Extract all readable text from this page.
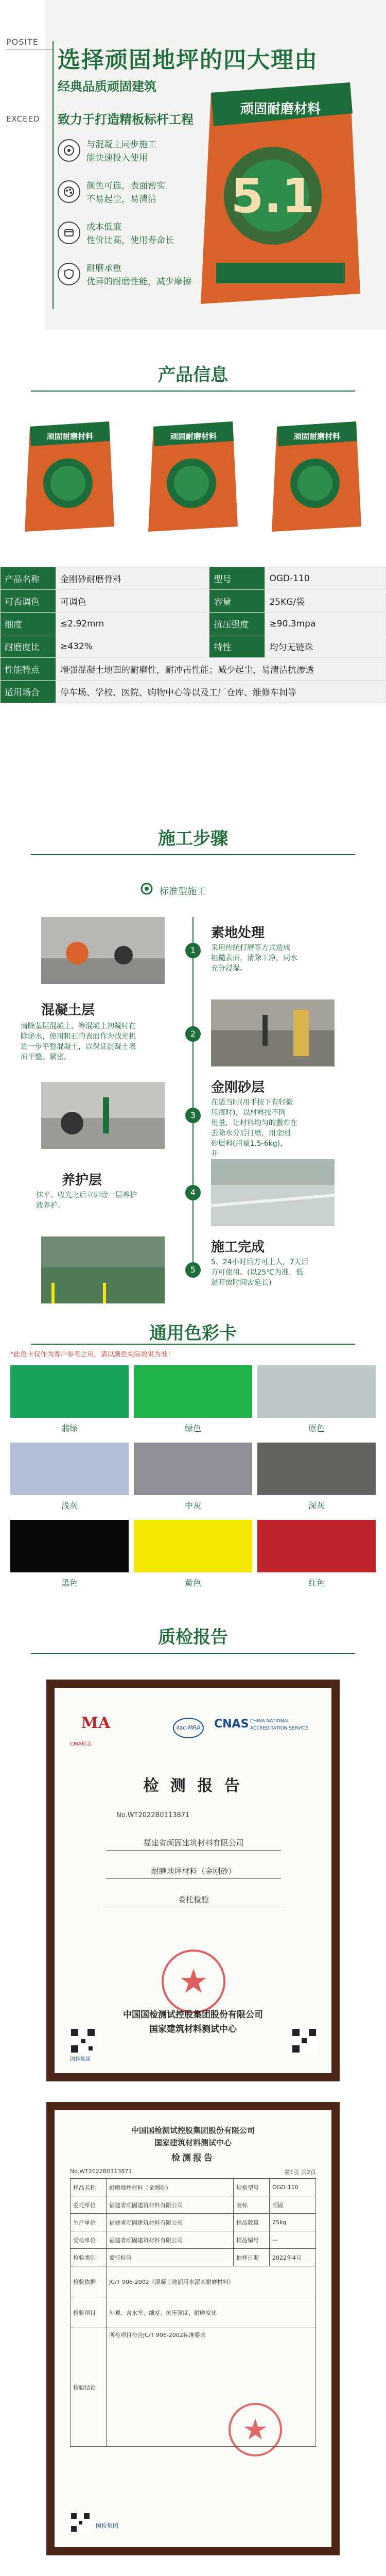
POSITE
EXCEED
选择顽固地坪的四大理由
经典品质顽固建筑
致力于打造精板标杆工程
与混凝土同步施工
能快速投入使用
颜色可选，表面密实
不易起尘，易清洁
成本低廉
性价比高，使用寿命长
耐磨承重
优异的耐磨性能，减少摩擦
顽固耐磨材料
5.1
产品信息
顽固耐磨材料	顽固耐磨材料	顽固耐磨材料
产品名称	金刚砂耐磨骨料	型号	OGD-110
可否调色	可调色	容量	25KG/袋
细度	≤2.92mm	抗压强度	≥90.3mpa
耐磨度比	≥432%	特性	均匀无链珠
性能特点	增强混凝土地面的耐磨性，耐冲击性能；减少起尘，易清洁抗渗透		
适用场合	停车场、学校、医院、购物中心等以及工厂仓库、维修车间等		
施工步骤
标准型施工
1
素地处理
采用传统打磨等方式造成
粗糙表面，清除干净，同水
充分浸湿。
混凝土层
清除基层混凝土，等混凝土初凝时在
除泌水，使用粗石的表面作为找光机
进一步平整混凝土，以保证混凝土表
面平整、紧密。
2
3
金刚砂层
在适当时(用手按下有轻微
压痕时)，以材料按不同
用量，让材料均匀的撒布在
去除水分后打磨，用金刚
砂层料(用量1.5-6kg)，
开
养护层
抹平、收光之后立即涂一层养护
液养护。
4
5
施工完成
5、24小时后方可上人，7天后
方可使用。(以25℃为准，低
温开放时间需延长)
通用色彩卡
*此色卡仅作为客户参考之用，请以颜色实际效果为准！
翡绿	绿色	原色
浅灰	中灰	深灰
黑色	黄色	红色
质检报告
MA
CMA标志
ilac-MRA CNAS CHINA NATIONAL
ACCREDITATION SERVICE
检 测 报 告
No.WT2022B0113871
福建省顽固建筑材料有限公司
耐磨地坪材料（金刚砂）
委托检验
中国国检测试控股集团股份有限公司
国家建筑材料测试中心
国检集团
中国国检测试控股集团股份有限公司
国家建筑材料测试中心
检测报告
No.WT2022B0113871	第1页 共2页
样品名称	耐磨地坪材料（金刚砂）	规格型号	OGD-110
委托单位	福建省顽固建筑材料有限公司	商标	顽固
生产单位	福建省顽固建筑材料有限公司	样品数量	25kg
受检单位	福建省顽固建筑材料有限公司	样品编号	—
检验类别	委托检验	抽样日期	2022年4月
检验依据	JC/T 906-2002《混凝土地面用水泥基耐磨材料》		
检验项目	外观、含水率、细度、抗压强度、耐磨度比		
检验结论	所检项目符合JC/T 906-2002标准要求		
国检集团
